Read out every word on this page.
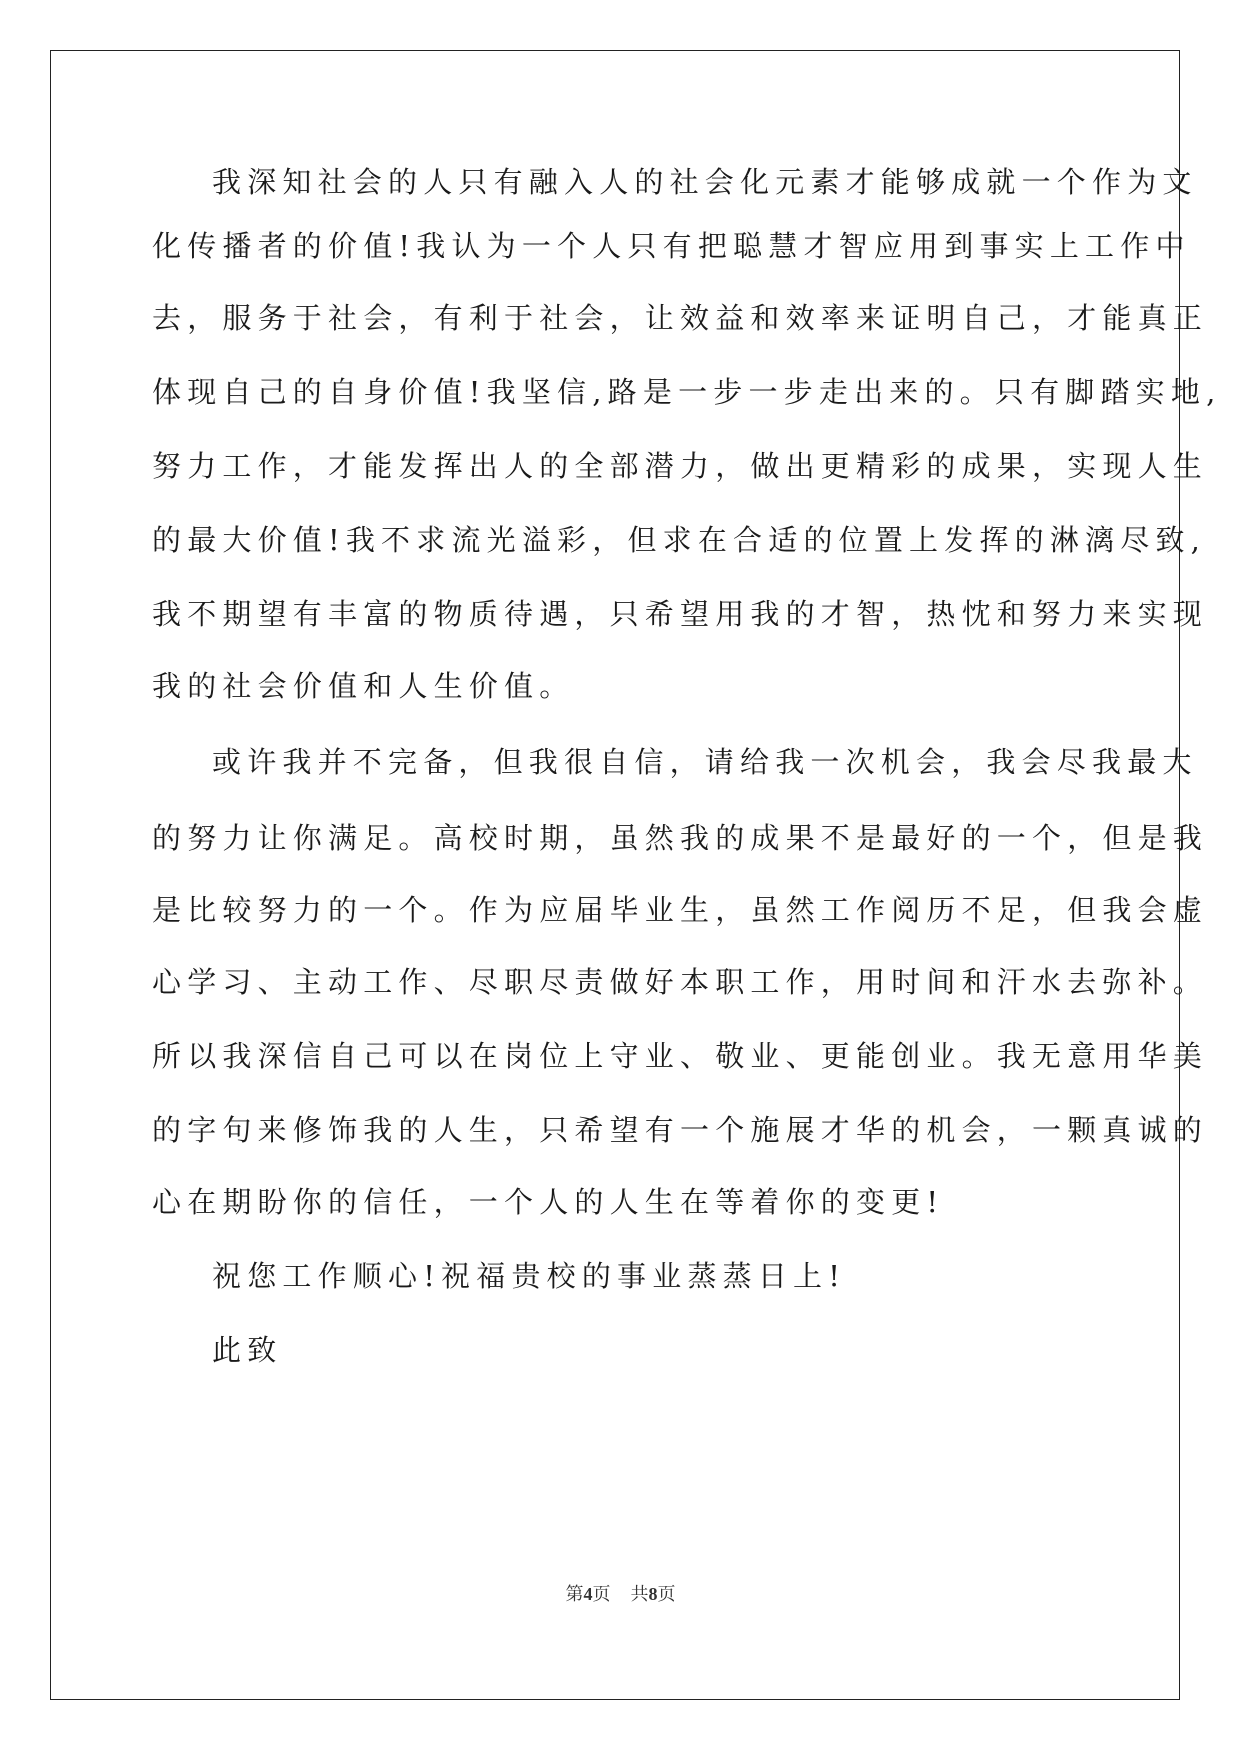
我深知社会的人只有融入人的社会化元素才能够成就一个作为文
化传播者的价值!我认为一个人只有把聪慧才智应用到事实上工作中
去，服务于社会，有利于社会，让效益和效率来证明自己，才能真正
体现自己的自身价值!我坚信,路是一步一步走出来的。只有脚踏实地,
努力工作，才能发挥出人的全部潜力，做出更精彩的成果，实现人生
的最大价值!我不求流光溢彩，但求在合适的位置上发挥的淋漓尽致,
我不期望有丰富的物质待遇，只希望用我的才智，热忱和努力来实现
我的社会价值和人生价值。
或许我并不完备，但我很自信，请给我一次机会，我会尽我最大
的努力让你满足。高校时期，虽然我的成果不是最好的一个，但是我
是比较努力的一个。作为应届毕业生，虽然工作阅历不足，但我会虚
心学习、主动工作、尽职尽责做好本职工作，用时间和汗水去弥补。
所以我深信自己可以在岗位上守业、敬业、更能创业。我无意用华美
的字句来修饰我的人生，只希望有一个施展才华的机会，一颗真诚的
心在期盼你的信任，一个人的人生在等着你的变更!
祝您工作顺心!祝福贵校的事业蒸蒸日上!
此致
第4页 共8页
